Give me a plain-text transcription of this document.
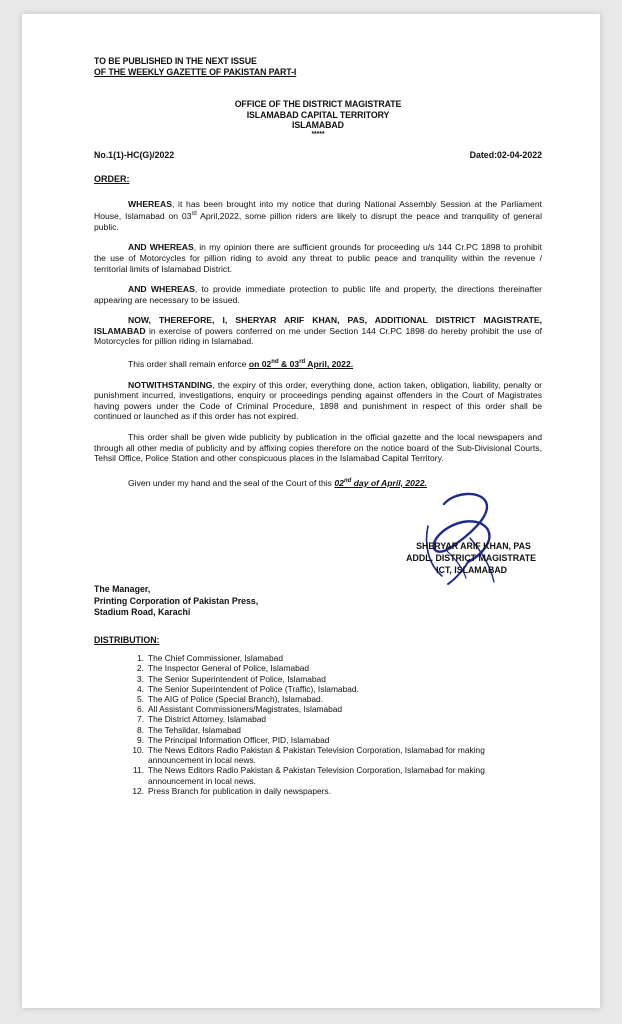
TO BE PUBLISHED IN THE NEXT ISSUE
OF THE WEEKLY GAZETTE OF PAKISTAN PART-I
OFFICE OF THE DISTRICT MAGISTRATE
ISLAMABAD CAPITAL TERRITORY
ISLAMABAD
*****
No.1(1)-HC(G)/2022	Dated:02-04-2022
ORDER:

WHEREAS, it has been brought into my notice that during National Assembly Session at the Parliament House, Islamabad on 03rd April,2022, some pillion riders are likely to disrupt the peace and tranquility of general public.

AND WHEREAS, in my opinion there are sufficient grounds for proceeding u/s 144 Cr.PC 1898 to prohibit the use of Motorcycles for pillion riding to avoid any threat to public peace and tranquility within the revenue / territorial limits of Islamabad District.

AND WHEREAS, to provide immediate protection to public life and property, the directions thereinafter appearing are necessary to be issued.

NOW, THEREFORE, I, SHERYAR ARIF KHAN, PAS, ADDITIONAL DISTRICT MAGISTRATE, ISLAMABAD in exercise of powers conferred on me under Section 144 Cr.PC 1898 do hereby prohibit the use of Motorcycles for pillion riding in Islamabad.

This order shall remain enforce on 02nd & 03rd April, 2022.

NOTWITHSTANDING, the expiry of this order, everything done, action taken, obligation, liability, penalty or punishment incurred, investigations, enquiry or proceedings pending against offenders in the Court of Magistrates having powers under the Code of Criminal Procedure, 1898 and punishment in respect of this order shall be continued or launched as if this order has not expired.

This order shall be given wide publicity by publication in the official gazette and the local newspapers and through all other media of publicity and by affixing copies therefore on the notice board of the Sub-Divisional Courts, Tehsil Office, Police Station and other conspicuous places in the Islamabad Capital Territory.

Given under my hand and the seal of the Court of this 02nd day of April, 2022.

SHERYAR ARIF KHAN, PAS
ADDL. DISTRICT MAGISTRATE
ICT, ISLAMABAD
The Manager,
Printing Corporation of Pakistan Press,
Stadium Road, Karachi
DISTRIBUTION:
1. The Chief Commissioner, Islamabad
2. The Inspector General of Police, Islamabad
3. The Senior Superintendent of Police, Islamabad
4. The Senior Superintendent of Police (Traffic), Islamabad.
5. The AIG of Police (Special Branch), Islamabad.
6. All Assistant Commissioners/Magistrates, Islamabad
7. The District Attorney, Islamabad
8. The Tehsildar, Islamabad
9. The Principal Information Officer, PID, Islamabad
10. The News Editors Radio Pakistan & Pakistan Television Corporation, Islamabad for making announcement in local news.
11. The News Editors Radio Pakistan & Pakistan Television Corporation, Islamabad for making announcement in local news.
12. Press Branch for publication in daily newspapers.
